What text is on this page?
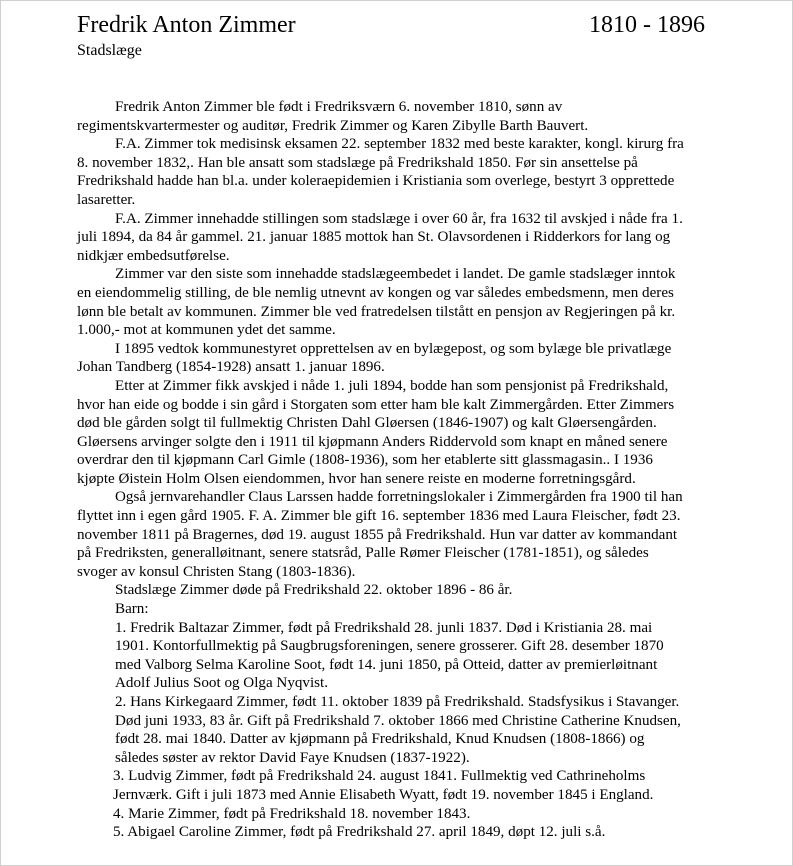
Fredrik Anton Zimmer	1810 - 1896
Stadslæge
Fredrik Anton Zimmer ble født i Fredriksværn 6. november 1810, sønn av
regimentskvartermester og auditør, Fredrik Zimmer og Karen Zibylle Barth Bauvert.
F.A. Zimmer tok medisinsk eksamen 22. september 1832 med beste karakter, kongl. kirurg fra
8. november 1832,. Han ble ansatt som stadslæge på Fredrikshald 1850. Før sin ansettelse på
Fredrikshald hadde han bl.a. under koleraepidemien i Kristiania som overlege, bestyrt 3 opprettede
lasaretter.
F.A. Zimmer innehadde stillingen som stadslæge i over 60 år, fra 1632 til avskjed i nåde fra 1.
juli 1894, da 84 år gammel. 21. januar 1885 mottok han St. Olavsordenen i Ridderkors for lang og
nidkjær embedsutførelse.
Zimmer var den siste som innehadde stadslægeembedet i landet. De gamle stadslæger inntok
en eiendommelig stilling, de ble nemlig utnevnt av kongen og var således embedsmenn, men deres
lønn ble betalt av kommunen. Zimmer ble ved fratredelsen tilstått en pensjon av Regjeringen på kr.
1.000,- mot at kommunen ydet det samme.
I 1895 vedtok kommunestyret opprettelsen av en bylægepost, og som bylæge ble privatlæge
Johan Tandberg (1854-1928) ansatt 1. januar 1896.
Etter at Zimmer fikk avskjed i nåde 1. juli 1894, bodde han som pensjonist på Fredrikshald,
hvor han eide og bodde i sin gård i Storgaten som etter ham ble kalt Zimmergården. Etter Zimmers
død ble gården solgt til fullmektig Christen Dahl Gløersen (1846-1907) og kalt Gløersengården.
Gløersens arvinger solgte den i 1911 til kjøpmann Anders Riddervold som knapt en måned senere
overdrar den til kjøpmann Carl Gimle (1808-1936), som her etablerte sitt glassmagasin.. I 1936
kjøpte Øistein Holm Olsen eiendommen, hvor han senere reiste en moderne forretningsgård.
Også jernvarehandler Claus Larssen hadde forretningslokaler i Zimmergården fra 1900 til han
flyttet inn i egen gård 1905. F. A. Zimmer ble gift 16. september 1836 med Laura Fleischer, født 23.
november 1811 på Bragernes, død 19. august 1855 på Fredrikshald. Hun var datter av kommandant
på Fredriksten, generalløitnant, senere statsråd, Palle Rømer Fleischer (1781-1851), og således
svoger av konsul Christen Stang (1803-1836).
Stadslæge Zimmer døde på Fredrikshald 22. oktober 1896 - 86 år.
Barn:
1. Fredrik Baltazar Zimmer, født på Fredrikshald 28. junli 1837. Død i Kristiania 28. mai
1901. Kontorfullmektig på Saugbrugsforeningen, senere grosserer. Gift 28. desember 1870
med Valborg Selma Karoline Soot, født 14. juni 1850, på Otteid, datter av premierløitnant
Adolf Julius Soot og Olga Nyqvist.
2. Hans Kirkegaard Zimmer, født 11. oktober 1839 på Fredrikshald. Stadsfysikus i Stavanger.
Død juni 1933, 83 år. Gift på Fredrikshald 7. oktober 1866 med Christine Catherine Knudsen,
født 28. mai 1840. Datter av kjøpmann på Fredrikshald, Knud Knudsen (1808-1866) og
således søster av rektor David Faye Knudsen (1837-1922).
3. Ludvig Zimmer, født på Fredrikshald 24. august 1841. Fullmektig ved Cathrineholms
Jernværk. Gift i juli 1873 med Annie Elisabeth Wyatt, født 19. november 1845 i England.
4. Marie Zimmer, født på Fredrikshald 18. november 1843.
5. Abigael Caroline Zimmer, født på Fredrikshald 27. april 1849, døpt 12. juli s.å.
